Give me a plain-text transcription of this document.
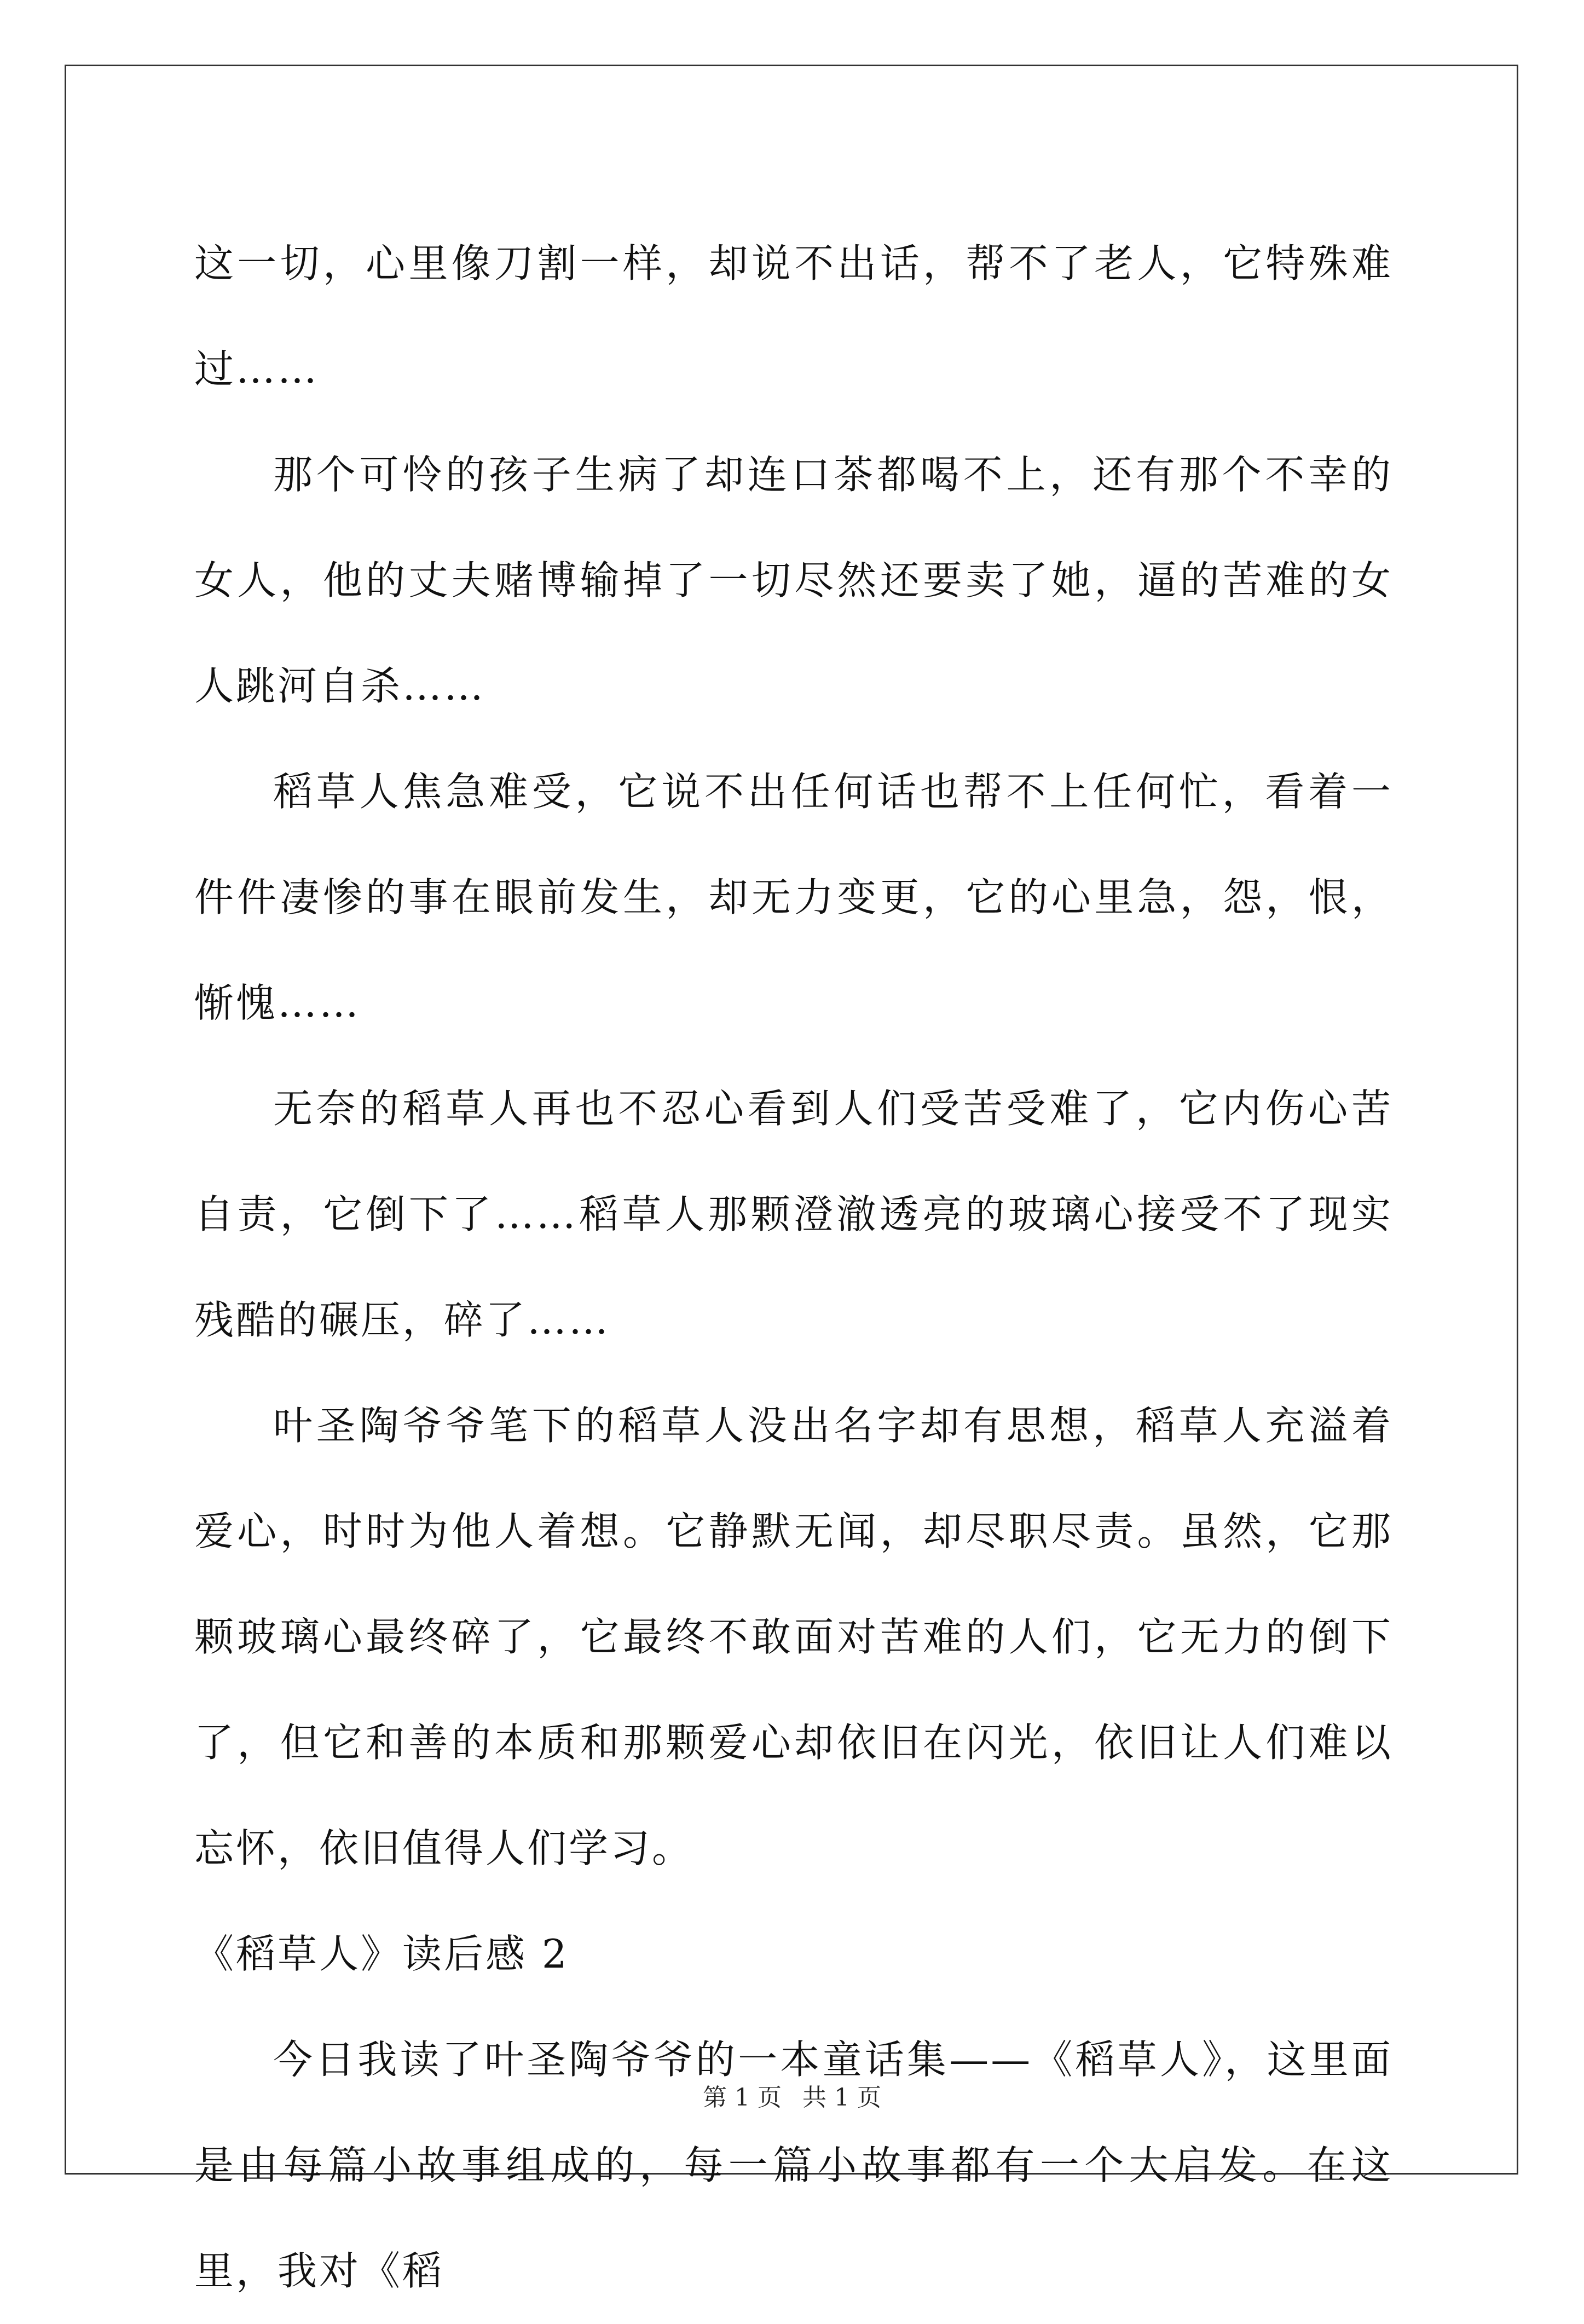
这一切，心里像刀割一样，却说不出话，帮不了老人，它特殊难过……

那个可怜的孩子生病了却连口茶都喝不上，还有那个不幸的女人，他的丈夫赌博输掉了一切尽然还要卖了她，逼的苦难的女人跳河自杀……

稻草人焦急难受，它说不出任何话也帮不上任何忙，看着一件件凄惨的事在眼前发生，却无力变更，它的心里急，怨，恨，惭愧……

无奈的稻草人再也不忍心看到人们受苦受难了，它内伤心苦自责，它倒下了……稻草人那颗澄澈透亮的玻璃心接受不了现实残酷的碾压，碎了……

叶圣陶爷爷笔下的稻草人没出名字却有思想，稻草人充溢着爱心，时时为他人着想。它静默无闻，却尽职尽责。虽然，它那颗玻璃心最终碎了，它最终不敢面对苦难的人们，它无力的倒下了，但它和善的本质和那颗爱心却依旧在闪光，依旧让人们难以忘怀，依旧值得人们学习。

《稻草人》读后感 2

今日我读了叶圣陶爷爷的一本童话集——《稻草人》，这里面是由每篇小故事组成的，每一篇小故事都有一个大启发。在这里，我对《稻

第 1 页 共 1 页
